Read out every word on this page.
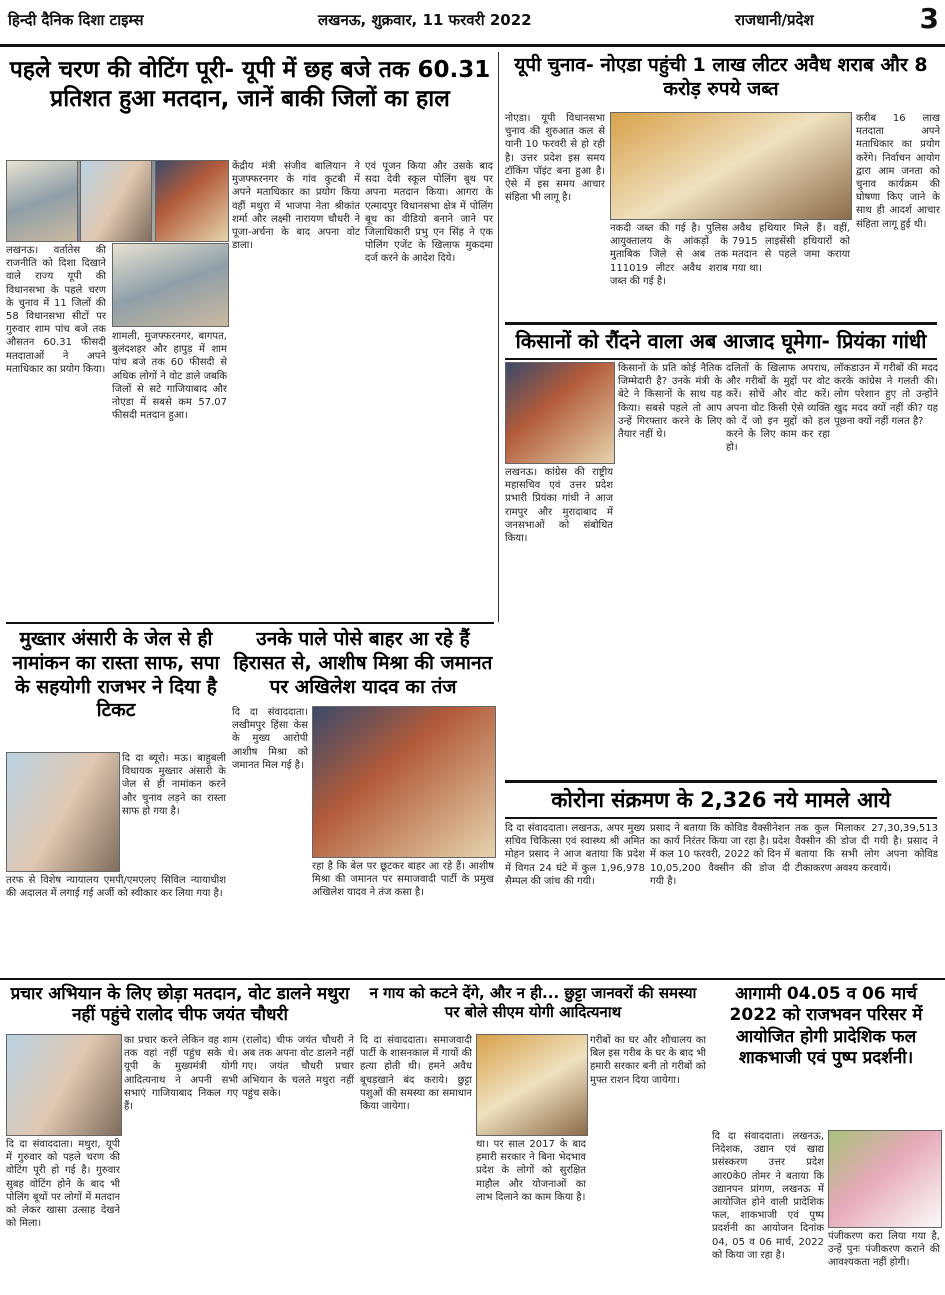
हिन्दी दैनिक दिशा टाइम्स	लखनऊ, शुक्रवार, 11 फरवरी 2022	राजधानी/प्रदेश	3
पहले चरण की वोटिंग पूरी- यूपी में छह बजे तक 60.31 प्रतिशत हुआ मतदान, जानें बाकी जिलों का हाल
लखनऊ। वर्तातेस की राजनीति को दिशा दिखाने वाले राज्य यूपी की विधानसभा के पहले चरण के चुनाव में 11 जिलों की 58 विधानसभा सीटों पर गुरुवार शाम पांच बजे तक औसतन 60.31 फीसदी मतदाताओं ने अपने मताधिकार का प्रयोग किया।
शामली, मुजफ्फरनगर, बागपत, बुलंदशहर और हापुड़ में शाम पांच बजे तक 60 फीसदी से अधिक लोगों ने वोट डाले जबकि जिलों से सटे गाजियाबाद और नोएडा में सबसे कम 57.07 फीसदी मतदान हुआ।
केंद्रीय मंत्री संजीव बालियान ने मुजफ्फरनगर के गांव कुटबी में अपने मताधिकार का प्रयोग किया वहीं मथुरा में भाजपा नेता श्रीकांत शर्मा और लक्ष्मी नारायण चौधरी ने पूजा-अर्चना के बाद अपना वोट डाला।
एवं पूजन किया और उसके बाद सदा देवी स्कूल पोलिंग बूथ पर अपना मतदान किया। आगरा के एत्मादपुर विधानसभा क्षेत्र में पोलिंग बूथ का वीडियो बनाने जाने पर जिलाधिकारी प्रभु एन सिंह ने एक पोलिंग एजेंट के खिलाफ मुकदमा दर्ज करने के आदेश दिये।
यूपी चुनाव- नोएडा पहुंची 1 लाख लीटर अवैध शराब और 8 करोड़ रुपये जब्त
नोएडा। यूपी विधानसभा चुनाव की शुरुआत कल से यानी 10 फरवरी से हो रही है। उत्तर प्रदेश इस समय टॉकिंग पॉइंट बना हुआ है। ऐसे में इस समय आचार संहिता भी लागू है।
नकदी जब्त की गई है। पुलिस आयुक्तालय के आंकड़ों के मुताबिक जिले से अब तक 111019 लीटर अवैध शराब जब्त की गई है।
अवैध हथियार मिले हैं। वहीं, 7915 लाइसेंसी हथियारों को मतदान से पहले जमा कराया गया था।
करीब 16 लाख मतदाता अपने मताधिकार का प्रयोग करेंगे। निर्वाचन आयोग द्वारा आम जनता को चुनाव कार्यक्रम की घोषणा किए जाने के साथ ही आदर्श आचार संहिता लागू हुई थी।
किसानों को रौंदने वाला अब आजाद घूमेगा- प्रियंका गांधी
लखनऊ। कांग्रेस की राष्ट्रीय महासचिव एवं उत्तर प्रदेश प्रभारी प्रियंका गांधी ने आज रामपुर और मुरादाबाद में जनसभाओं को संबोधित किया।
किसानों के प्रति कोई नैतिक जिम्मेदारी है? उनके मंत्री के बेटे ने किसानों के साथ यह किया। सबसे पहले तो आप उन्हें गिरफ्तार करने के लिए तैयार नहीं थे।
दलितों के खिलाफ अपराध, और गरीबों के मुद्दों पर वोट करें। सोचें और वोट करें। अपना वोट किसी ऐसे व्यक्ति को दें जो इन मुद्दों को हल करने के लिए काम कर रहा हो।
लॉकडाउन में गरीबों की मदद करके कांग्रेस ने गलती की। लोग परेशान हुए तो उन्होंने खुद मदद क्यों नहीं की? यह पूछना क्यों नहीं गलत है?
मुख्तार अंसारी के जेल से ही नामांकन का रास्ता साफ, सपा के सहयोगी राजभर ने दिया है टिकट
दि दा ब्यूरो। मऊ। बाहुबली विधायक मुख्तार अंसारी के जेल से ही नामांकन करने और चुनाव लड़ने का रास्ता साफ हो गया है।
तरफ से विशेष न्यायालय एमपी/एमएलए सिविल न्यायाधीश की अदालत में लगाई गई अर्जी को स्वीकार कर लिया गया है।
उनके पाले पोसे बाहर आ रहे हैं हिरासत से, आशीष मिश्रा की जमानत पर अखिलेश यादव का तंज
दि दा संवाददाता। लखीमपुर हिंसा केस के मुख्य आरोपी आशीष मिश्रा को जमानत मिल गई है।
रहा है कि बेल पर छूटकर बाहर आ रहे हैं। आशीष मिश्रा की जमानत पर समाजवादी पार्टी के प्रमुख अखिलेश यादव ने तंज कसा है।
कोरोना संक्रमण के 2,326 नये मामले आये
दि दा संवाददाता। लखनऊ, अपर मुख्य सचिव चिकित्सा एवं स्वास्थ्य श्री अमित मोहन प्रसाद ने आज बताया कि प्रदेश में विगत 24 घंटे में कुल 1,96,978 सैम्पल की जांच की गयी।
प्रसाद ने बताया कि कोविड वैक्सीनेशन का कार्य निरंतर किया जा रहा है। प्रदेश में कल 10 फरवरी, 2022 को दिन में 10,05,200 वैक्सीन की डोज दी गयी है।
तक कुल मिलाकर 27,30,39,513 वैक्सीन की डोज दी गयी है। प्रसाद ने बताया कि सभी लोग अपना कोविड टीकाकरण अवश्य करवायें।
प्रचार अभियान के लिए छोड़ा मतदान, वोट डालने मथुरा नहीं पहुंचे रालोद चीफ जयंत चौधरी
दि दा संवाददाता। मथुरा, यूपी में गुरुवार को पहले चरण की वोटिंग पूरी हो गई है। गुरुवार सुबह वोटिंग होने के बाद भी पोलिंग बूथों पर लोगों में मतदान को लेकर खासा उत्साह देखने को मिला।
का प्रचार करने लेकिन वह शाम तक वहां नहीं पहुंच सके थे। यूपी के मुख्यमंत्री योगी आदित्यनाथ ने अपनी सभी सभाएं गाजियाबाद निकल गए हैं।
(रालोद) चीफ जयंत चौधरी ने अब तक अपना वोट डालने नहीं गए। जयंत चौधरी प्रचार अभियान के चलते मथुरा नहीं पहुंच सके।
न गाय को कटने देंगे, और न ही... छुट्टा जानवरों की समस्या पर बोले सीएम योगी आदित्यनाथ
दि दा संवाददाता। समाजवादी पार्टी के शासनकाल में गायों की हत्या होती थी। हमने अवैध बूचड़खाने बंद कराये। छुट्टा पशुओं की समस्या का समाधान किया जायेगा।
था। पर साल 2017 के बाद हमारी सरकार ने बिना भेदभाव प्रदेश के लोगों को सुरक्षित माहौल और योजनाओं का लाभ दिलाने का काम किया है।
गरीबों का घर और शौचालय का बिल इस गरीब के घर के बाद भी हमारी सरकार बनी तो गरीबों को मुफ्त राशन दिया जायेगा।
आगामी 04.05 व 06 मार्च 2022 को राजभवन परिसर में आयोजित होगी प्रादेशिक फल शाकभाजी एवं पुष्प प्रदर्शनी।
दि दा संवाददाता। लखनऊ, निदेशक, उद्यान एवं खाद्य प्रसंस्करण उत्तर प्रदेश आर0के0 तोमर ने बताया कि उद्यानपन प्रांगण, लखनऊ में आयोजित होने वाली प्रादेशिक फल, शाकभाजी एवं पुष्प प्रदर्शनी का आयोजन दिनांक 04, 05 व 06 मार्च, 2022 को किया जा रहा है।
पंजीकरण करा लिया गया है, उन्हें पुनः पंजीकरण कराने की आवश्यकता नहीं होगी।
